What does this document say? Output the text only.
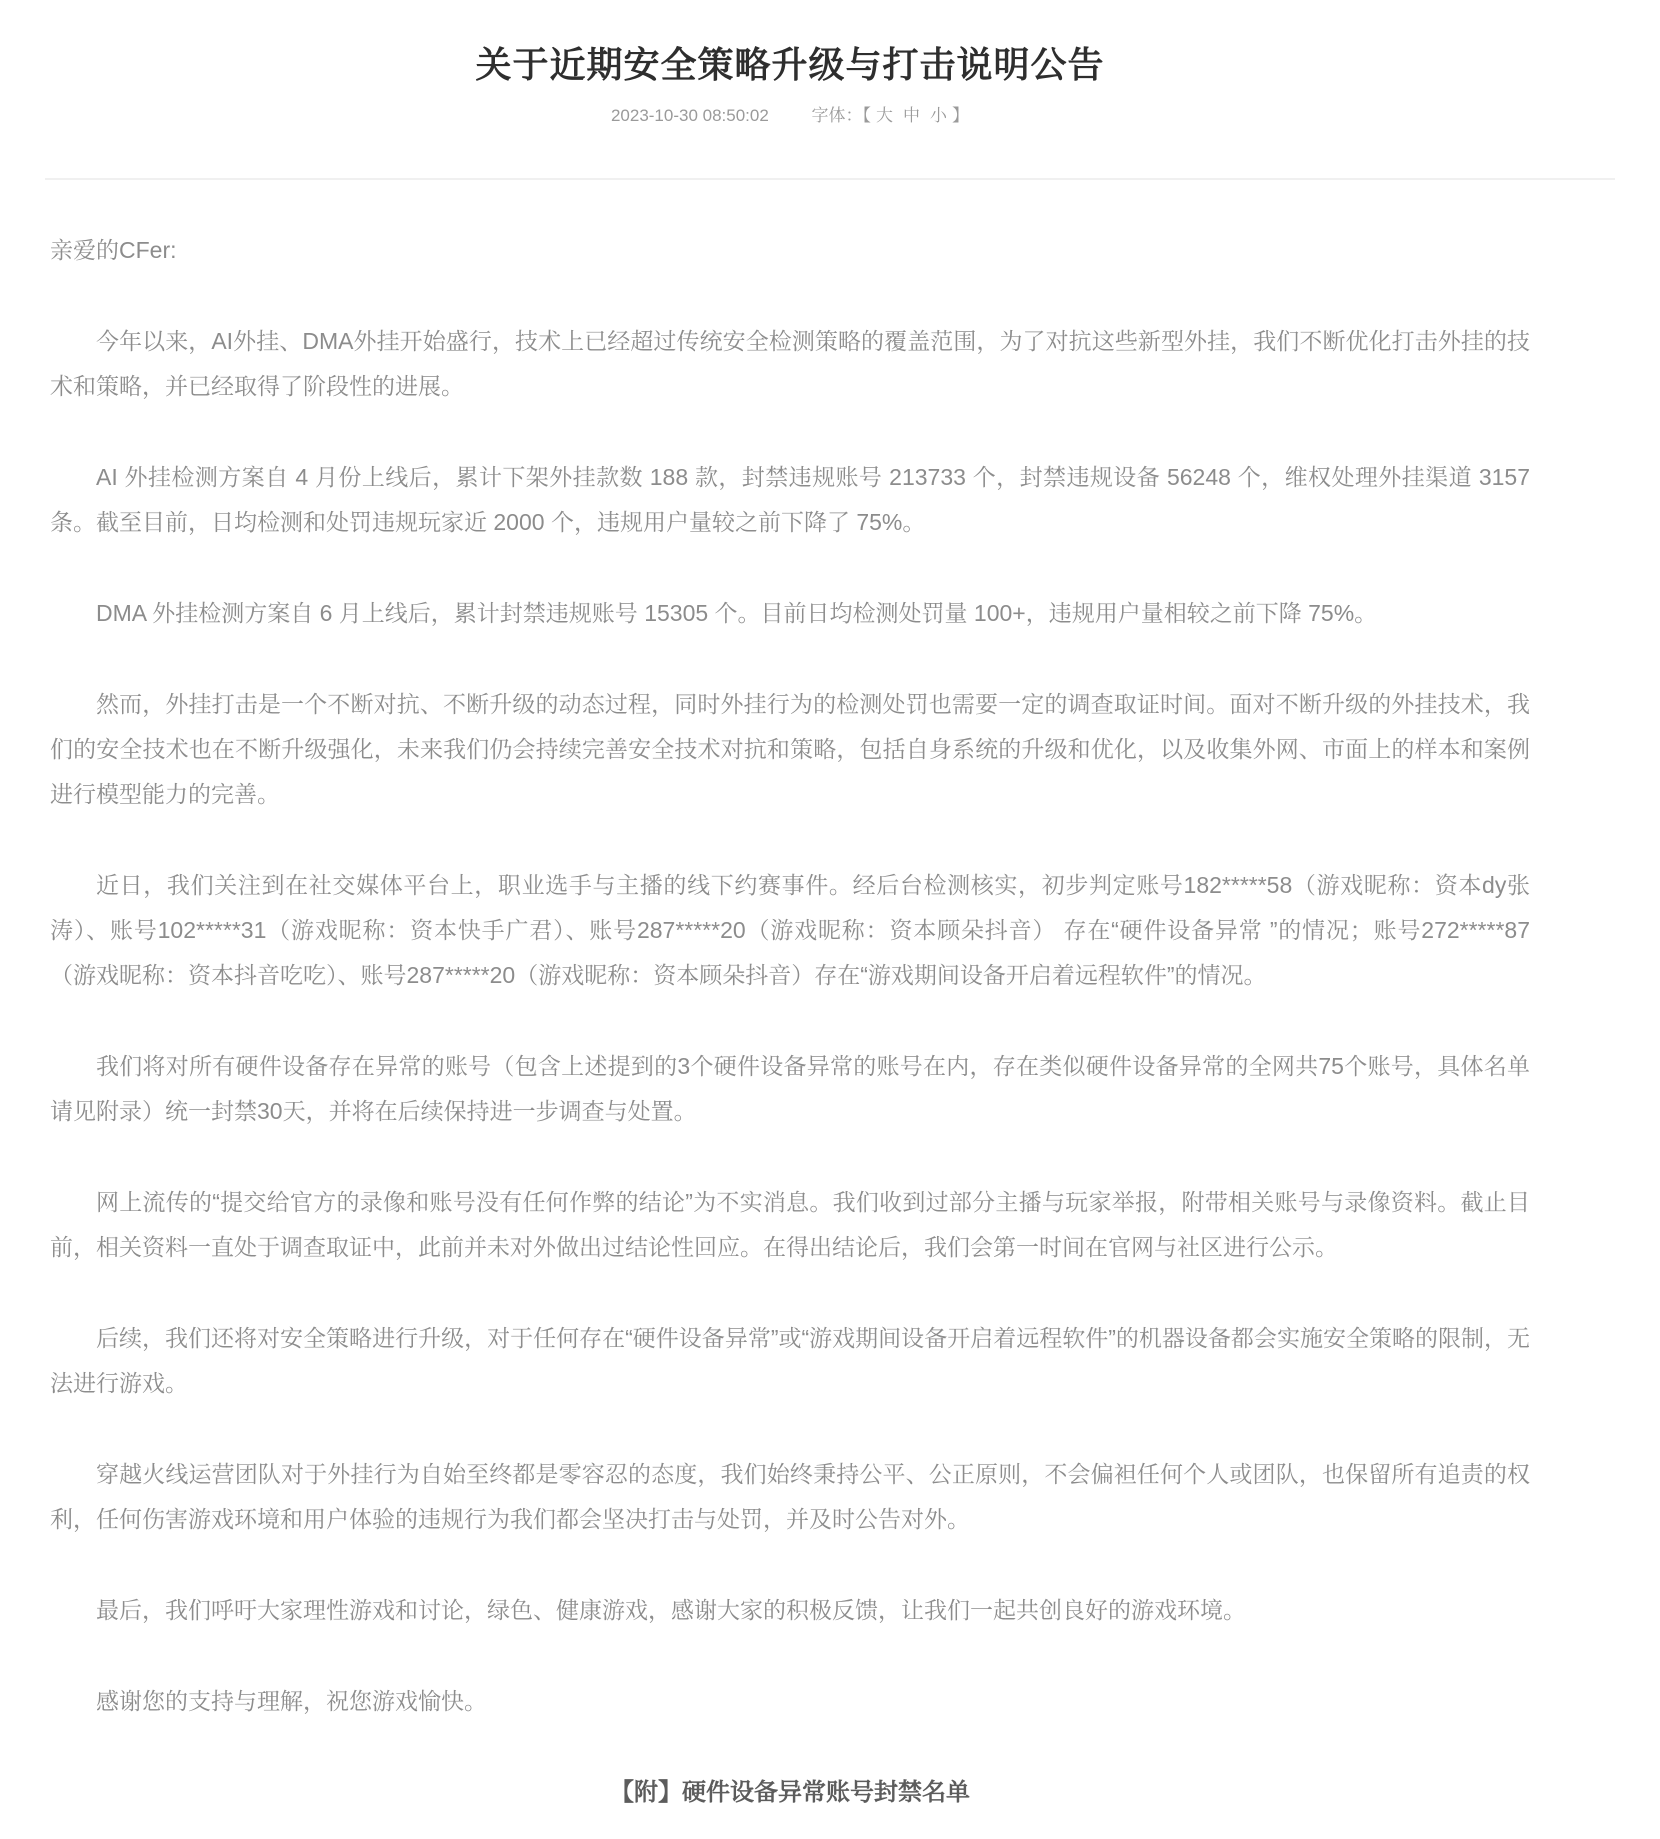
关于近期安全策略升级与打击说明公告
2023-10-30 08:50:02	字体：【 大 中 小 】

亲爱的CFer:

今年以来，AI外挂、DMA外挂开始盛行，技术上已经超过传统安全检测策略的覆盖范围，为了对抗这些新型外挂，我们不断优化打击外挂的技术和策略，并已经取得了阶段性的进展。

AI 外挂检测方案自 4 月份上线后，累计下架外挂款数 188 款，封禁违规账号 213733 个，封禁违规设备 56248 个，维权处理外挂渠道 3157 条。截至目前，日均检测和处罚违规玩家近 2000 个，违规用户量较之前下降了 75%。

DMA 外挂检测方案自 6 月上线后，累计封禁违规账号 15305 个。目前日均检测处罚量 100+，违规用户量相较之前下降 75%。

然而，外挂打击是一个不断对抗、不断升级的动态过程，同时外挂行为的检测处罚也需要一定的调查取证时间。面对不断升级的外挂技术，我们的安全技术也在不断升级强化，未来我们仍会持续完善安全技术对抗和策略，包括自身系统的升级和优化，以及收集外网、市面上的样本和案例进行模型能力的完善。

近日，我们关注到在社交媒体平台上，职业选手与主播的线下约赛事件。经后台检测核实，初步判定账号182*****58（游戏昵称：资本dy张涛）、账号102*****31（游戏昵称：资本快手广君）、账号287*****20（游戏昵称：资本顾朵抖音） 存在“硬件设备异常 ”的情况；账号272*****87（游戏昵称：资本抖音吃吃）、账号287*****20（游戏昵称：资本顾朵抖音）存在“游戏期间设备开启着远程软件”的情况。

我们将对所有硬件设备存在异常的账号（包含上述提到的3个硬件设备异常的账号在内，存在类似硬件设备异常的全网共75个账号，具体名单请见附录）统一封禁30天，并将在后续保持进一步调查与处置。

网上流传的“提交给官方的录像和账号没有任何作弊的结论”为不实消息。我们收到过部分主播与玩家举报，附带相关账号与录像资料。截止目前，相关资料一直处于调查取证中，此前并未对外做出过结论性回应。在得出结论后，我们会第一时间在官网与社区进行公示。

后续，我们还将对安全策略进行升级，对于任何存在“硬件设备异常”或“游戏期间设备开启着远程软件”的机器设备都会实施安全策略的限制，无法进行游戏。

穿越火线运营团队对于外挂行为自始至终都是零容忍的态度，我们始终秉持公平、公正原则，不会偏袒任何个人或团队，也保留所有追责的权利，任何伤害游戏环境和用户体验的违规行为我们都会坚决打击与处罚，并及时公告对外。

最后，我们呼吁大家理性游戏和讨论，绿色、健康游戏，感谢大家的积极反馈，让我们一起共创良好的游戏环境。

感谢您的支持与理解，祝您游戏愉快。

【附】硬件设备异常账号封禁名单
